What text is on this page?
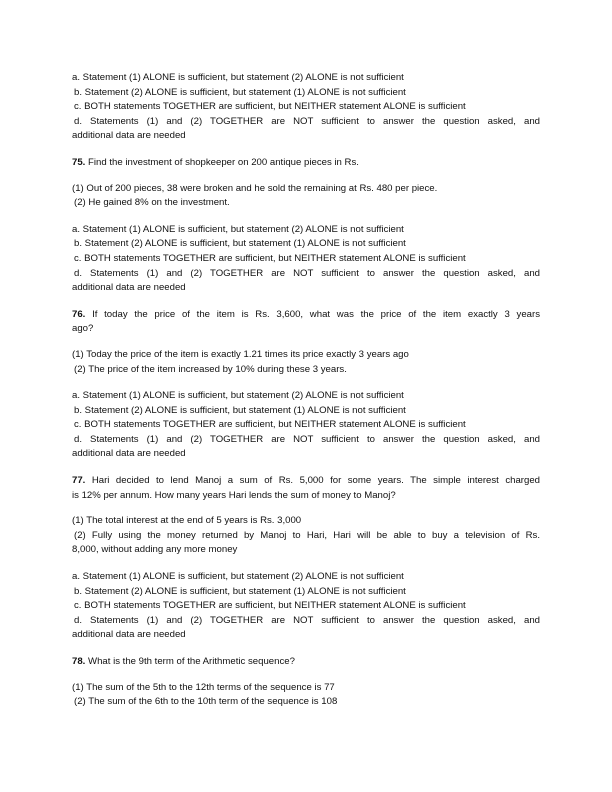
a. Statement (1) ALONE is sufficient, but statement (2) ALONE is not sufficient
b. Statement (2) ALONE is sufficient, but statement (1) ALONE is not sufficient
c. BOTH statements TOGETHER are sufficient, but NEITHER statement ALONE is sufficient
d. Statements (1) and (2) TOGETHER are NOT sufficient to answer the question asked, and
additional data are needed
75. Find the investment of shopkeeper on 200 antique pieces in Rs.
(1) Out of 200 pieces, 38 were broken and he sold the remaining at Rs. 480 per piece.
(2) He gained 8% on the investment.
a. Statement (1) ALONE is sufficient, but statement (2) ALONE is not sufficient
b. Statement (2) ALONE is sufficient, but statement (1) ALONE is not sufficient
c. BOTH statements TOGETHER are sufficient, but NEITHER statement ALONE is sufficient
d. Statements (1) and (2) TOGETHER are NOT sufficient to answer the question asked, and
additional data are needed
76. If today the price of the item is Rs. 3,600, what was the price of the item exactly 3 years
ago?
(1) Today the price of the item is exactly 1.21 times its price exactly 3 years ago
(2) The price of the item increased by 10% during these 3 years.
a. Statement (1) ALONE is sufficient, but statement (2) ALONE is not sufficient
b. Statement (2) ALONE is sufficient, but statement (1) ALONE is not sufficient
c. BOTH statements TOGETHER are sufficient, but NEITHER statement ALONE is sufficient
d. Statements (1) and (2) TOGETHER are NOT sufficient to answer the question asked, and
additional data are needed
77. Hari decided to lend Manoj a sum of Rs. 5,000 for some years. The simple interest charged
is 12% per annum. How many years Hari lends the sum of money to Manoj?
(1) The total interest at the end of 5 years is Rs. 3,000
(2) Fully using the money returned by Manoj to Hari, Hari will be able to buy a television of Rs.
8,000, without adding any more money
a. Statement (1) ALONE is sufficient, but statement (2) ALONE is not sufficient
b. Statement (2) ALONE is sufficient, but statement (1) ALONE is not sufficient
c. BOTH statements TOGETHER are sufficient, but NEITHER statement ALONE is sufficient
d. Statements (1) and (2) TOGETHER are NOT sufficient to answer the question asked, and
additional data are needed
78. What is the 9th term of the Arithmetic sequence?
(1) The sum of the 5th to the 12th terms of the sequence is 77
(2) The sum of the 6th to the 10th term of the sequence is 108
